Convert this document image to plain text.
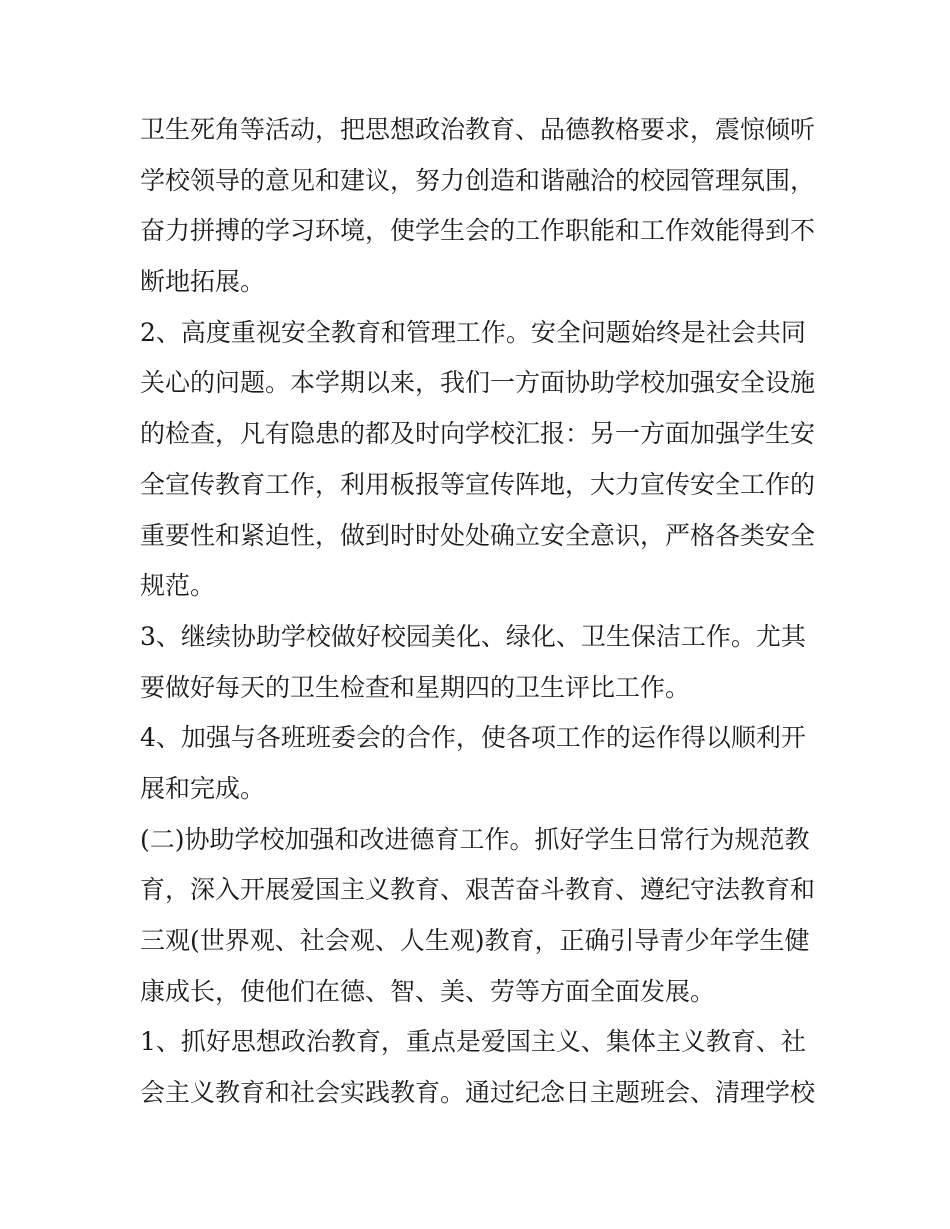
卫生死角等活动，把思想政治教育、品德教格要求，震惊倾听
学校领导的意见和建议，努力创造和谐融洽的校园管理氛围，
奋力拼搏的学习环境，使学生会的工作职能和工作效能得到不
断地拓展。
2、高度重视安全教育和管理工作。安全问题始终是社会共同
关心的问题。本学期以来，我们一方面协助学校加强安全设施
的检查，凡有隐患的都及时向学校汇报：另一方面加强学生安
全宣传教育工作，利用板报等宣传阵地，大力宣传安全工作的
重要性和紧迫性，做到时时处处确立安全意识，严格各类安全
规范。
3、继续协助学校做好校园美化、绿化、卫生保洁工作。尤其
要做好每天的卫生检查和星期四的卫生评比工作。
4、加强与各班班委会的合作，使各项工作的运作得以顺利开
展和完成。
(二)协助学校加强和改进德育工作。抓好学生日常行为规范教
育，深入开展爱国主义教育、艰苦奋斗教育、遵纪守法教育和
三观(世界观、社会观、人生观)教育，正确引导青少年学生健
康成长，使他们在德、智、美、劳等方面全面发展。
1、抓好思想政治教育，重点是爱国主义、集体主义教育、社
会主义教育和社会实践教育。通过纪念日主题班会、清理学校
